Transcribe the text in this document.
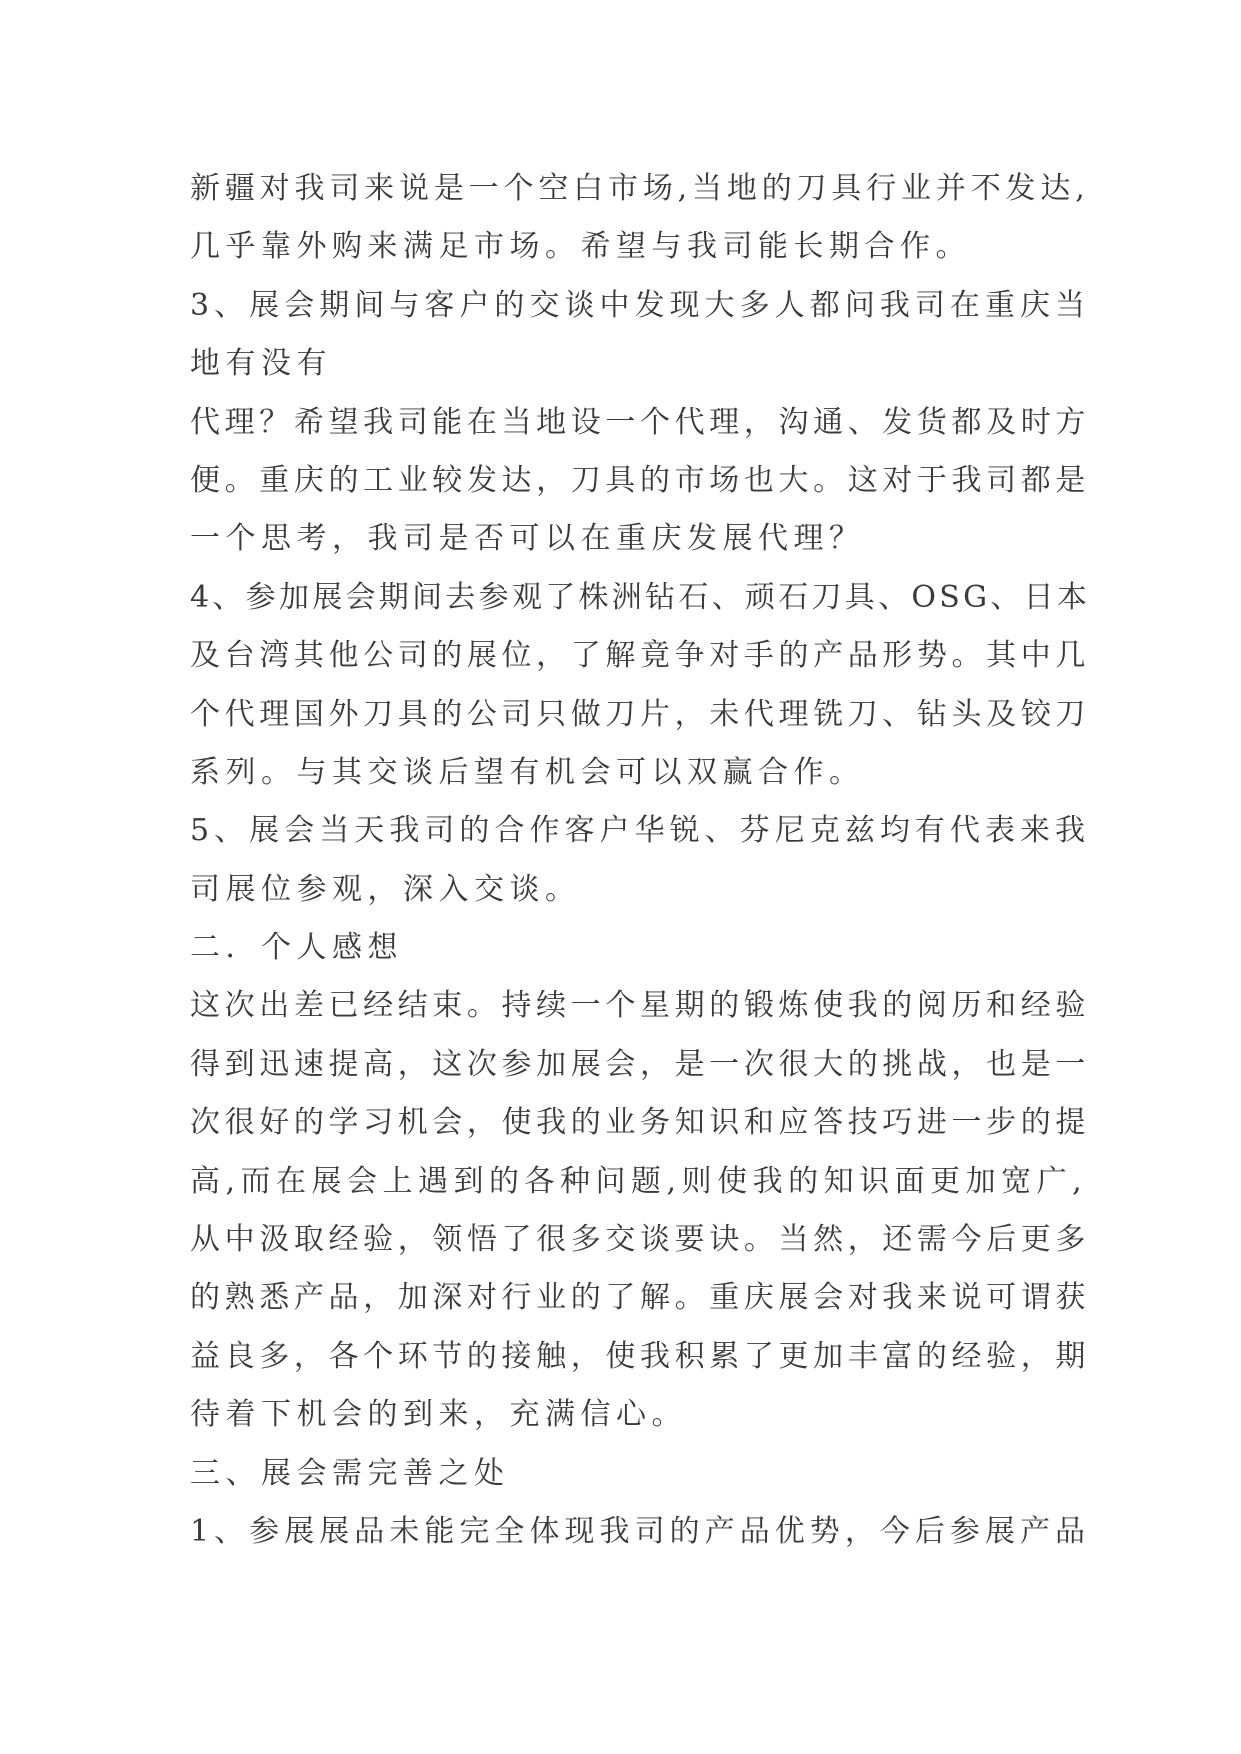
新疆对我司来说是一个空白市场,当地的刀具行业并不发达,
几乎靠外购来满足市场。希望与我司能长期合作。
3、展会期间与客户的交谈中发现大多人都问我司在重庆当
地有没有
代理？希望我司能在当地设一个代理，沟通、发货都及时方
便。重庆的工业较发达，刀具的市场也大。这对于我司都是
一个思考，我司是否可以在重庆发展代理？
4、参加展会期间去参观了株洲钻石、顽石刀具、OSG、日本
及台湾其他公司的展位，了解竟争对手的产品形势。其中几
个代理国外刀具的公司只做刀片，未代理铣刀、钻头及铰刀
系列。与其交谈后望有机会可以双赢合作。
5、展会当天我司的合作客户华锐、芬尼克兹均有代表来我
司展位参观，深入交谈。
二．个人感想
这次出差已经结束。持续一个星期的锻炼使我的阅历和经验
得到迅速提高，这次参加展会，是一次很大的挑战，也是一
次很好的学习机会，使我的业务知识和应答技巧进一步的提
高,而在展会上遇到的各种问题,则使我的知识面更加宽广,
从中汲取经验，领悟了很多交谈要诀。当然，还需今后更多
的熟悉产品，加深对行业的了解。重庆展会对我来说可谓获
益良多，各个环节的接触，使我积累了更加丰富的经验，期
待着下机会的到来，充满信心。
三、展会需完善之处
1、参展展品未能完全体现我司的产品优势，今后参展产品
